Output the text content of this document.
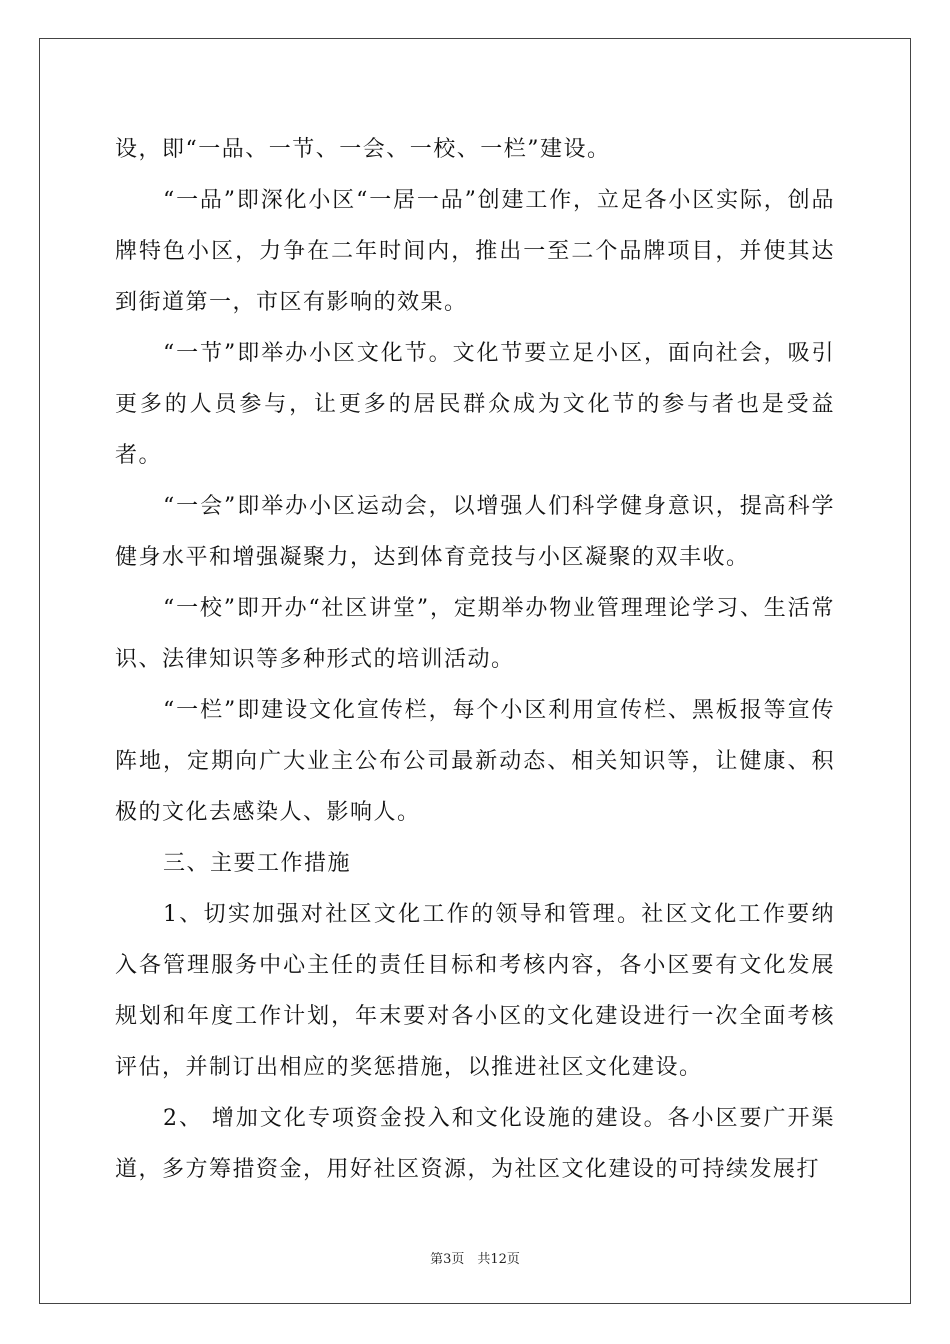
设，即“一品、一节、一会、一校、一栏”建设。

“一品”即深化小区“一居一品”创建工作，立足各小区实际，创品牌特色小区，力争在二年时间内，推出一至二个品牌项目，并使其达到街道第一，市区有影响的效果。

“一节”即举办小区文化节。文化节要立足小区，面向社会，吸引更多的人员参与，让更多的居民群众成为文化节的参与者也是受益者。

“一会”即举办小区运动会，以增强人们科学健身意识，提高科学健身水平和增强凝聚力，达到体育竞技与小区凝聚的双丰收。

“一校”即开办“社区讲堂”，定期举办物业管理理论学习、生活常识、法律知识等多种形式的培训活动。

“一栏”即建设文化宣传栏，每个小区利用宣传栏、黑板报等宣传阵地，定期向广大业主公布公司最新动态、相关知识等，让健康、积极的文化去感染人、影响人。

三、主要工作措施

1、切实加强对社区文化工作的领导和管理。社区文化工作要纳入各管理服务中心主任的责任目标和考核内容，各小区要有文化发展规划和年度工作计划，年末要对各小区的文化建设进行一次全面考核评估，并制订出相应的奖惩措施，以推进社区文化建设。

2、 增加文化专项资金投入和文化设施的建设。各小区要广开渠道，多方筹措资金，用好社区资源，为社区文化建设的可持续发展打

第3页　共12页
